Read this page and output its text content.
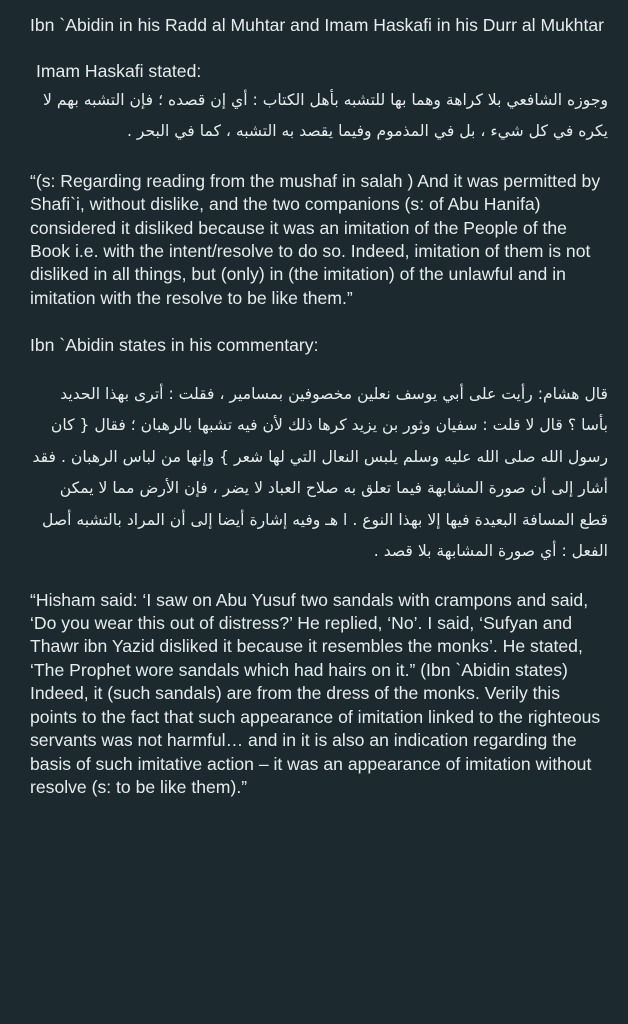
Ibn `Abidin in his Radd al Muhtar and Imam Haskafi in his Durr al Mukhtar

Imam Haskafi stated:

وجوزه الشافعي بلا كراهة وهما بها للتشبه بأهل الكتاب : أي إن قصده ؛ فإن التشبه بهم لا يكره في كل شيء ، بل في المذموم وفيما يقصد به التشبه ، كما في البحر .

“(s: Regarding reading from the mushaf in salah ) And it was permitted by Shafi`i, without dislike, and the two companions (s: of Abu Hanifa) considered it disliked because it was an imitation of the People of the Book i.e. with the intent/resolve to do so. Indeed, imitation of them is not disliked in all things, but (only) in (the imitation) of the unlawful and in imitation with the resolve to be like them.”

Ibn `Abidin states in his commentary:

قال هشام: رأيت على أبي يوسف نعلين مخصوفين بمسامير ، فقلت : أترى بهذا الحديد بأسا ؟ قال لا قلت : سفيان وثور بن يزيد كرها ذلك لأن فيه تشبها بالرهبان ؛ فقال { كان رسول الله صلى الله عليه وسلم يلبس النعال التي لها شعر } وإنها من لباس الرهبان . فقد أشار إلى أن صورة المشابهة فيما تعلق به صلاح العباد لا يضر ، فإن الأرض مما لا يمكن قطع المسافة البعيدة فيها إلا بهذا النوع . ا هـ وفيه إشارة أيضا إلى أن المراد بالتشبه أصل الفعل : أي صورة المشابهة بلا قصد .

“Hisham said: ‘I saw on Abu Yusuf two sandals with crampons and said, ‘Do you wear this out of distress?’ He replied, ‘No’. I said, ‘Sufyan and Thawr ibn Yazid disliked it because it resembles the monks’. He stated, ‘The Prophet wore sandals which had hairs on it.” (Ibn `Abidin states) Indeed, it (such sandals) are from the dress of the monks. Verily this points to the fact that such appearance of imitation linked to the righteous servants was not harmful… and in it is also an indication regarding the basis of such imitative action – it was an appearance of imitation without resolve (s: to be like them).”
